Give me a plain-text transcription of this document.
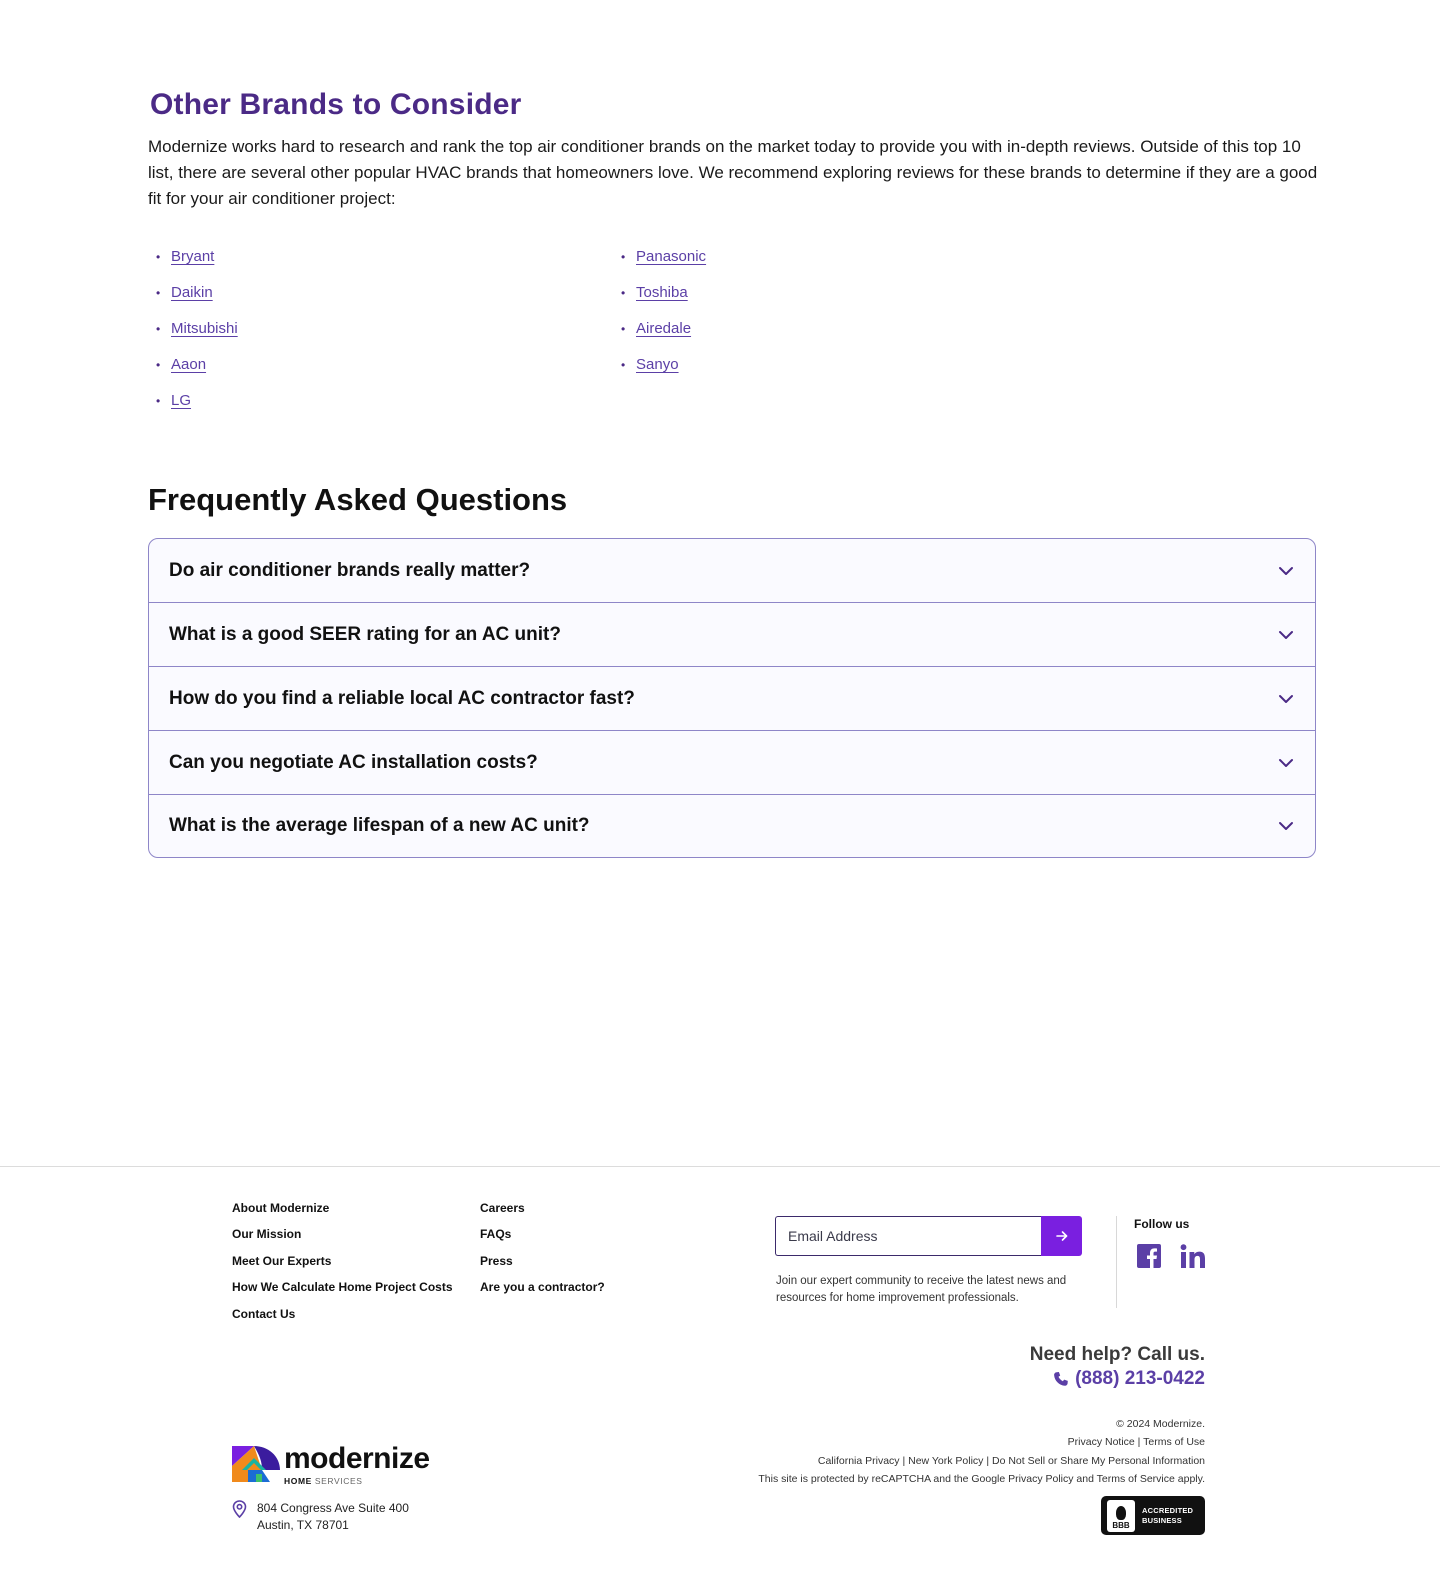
Other Brands to Consider

Modernize works hard to research and rank the top air conditioner brands on the market today to provide you with in-depth reviews. Outside of this top 10 list, there are several other popular HVAC brands that homeowners love. We recommend exploring reviews for these brands to determine if they are a good fit for your air conditioner project:

• Bryant
• Daikin
• Mitsubishi
• Aaon
• LG
• Panasonic
• Toshiba
• Airedale
• Sanyo
Frequently Asked Questions
Do air conditioner brands really matter?
What is a good SEER rating for an AC unit?
How do you find a reliable local AC contractor fast?
Can you negotiate AC installation costs?
What is the average lifespan of a new AC unit?
About Modernize
Our Mission
Meet Our Experts
How We Calculate Home Project Costs
Contact Us
Careers
FAQs
Press
Are you a contractor?
Email Address	Join our expert community to receive the latest news and resources for home improvement professionals.

Follow us
Need help? Call us.
(888) 213-0422
© 2024 Modernize.
Privacy Notice | Terms of Use
California Privacy | New York Policy | Do Not Sell or Share My Personal Information
This site is protected by reCAPTCHA and the Google Privacy Policy and Terms of Service apply.
modernize
HOME SERVICES
804 Congress Ave Suite 400
Austin, TX 78701	BBB
ACCREDITED
BUSINESS
